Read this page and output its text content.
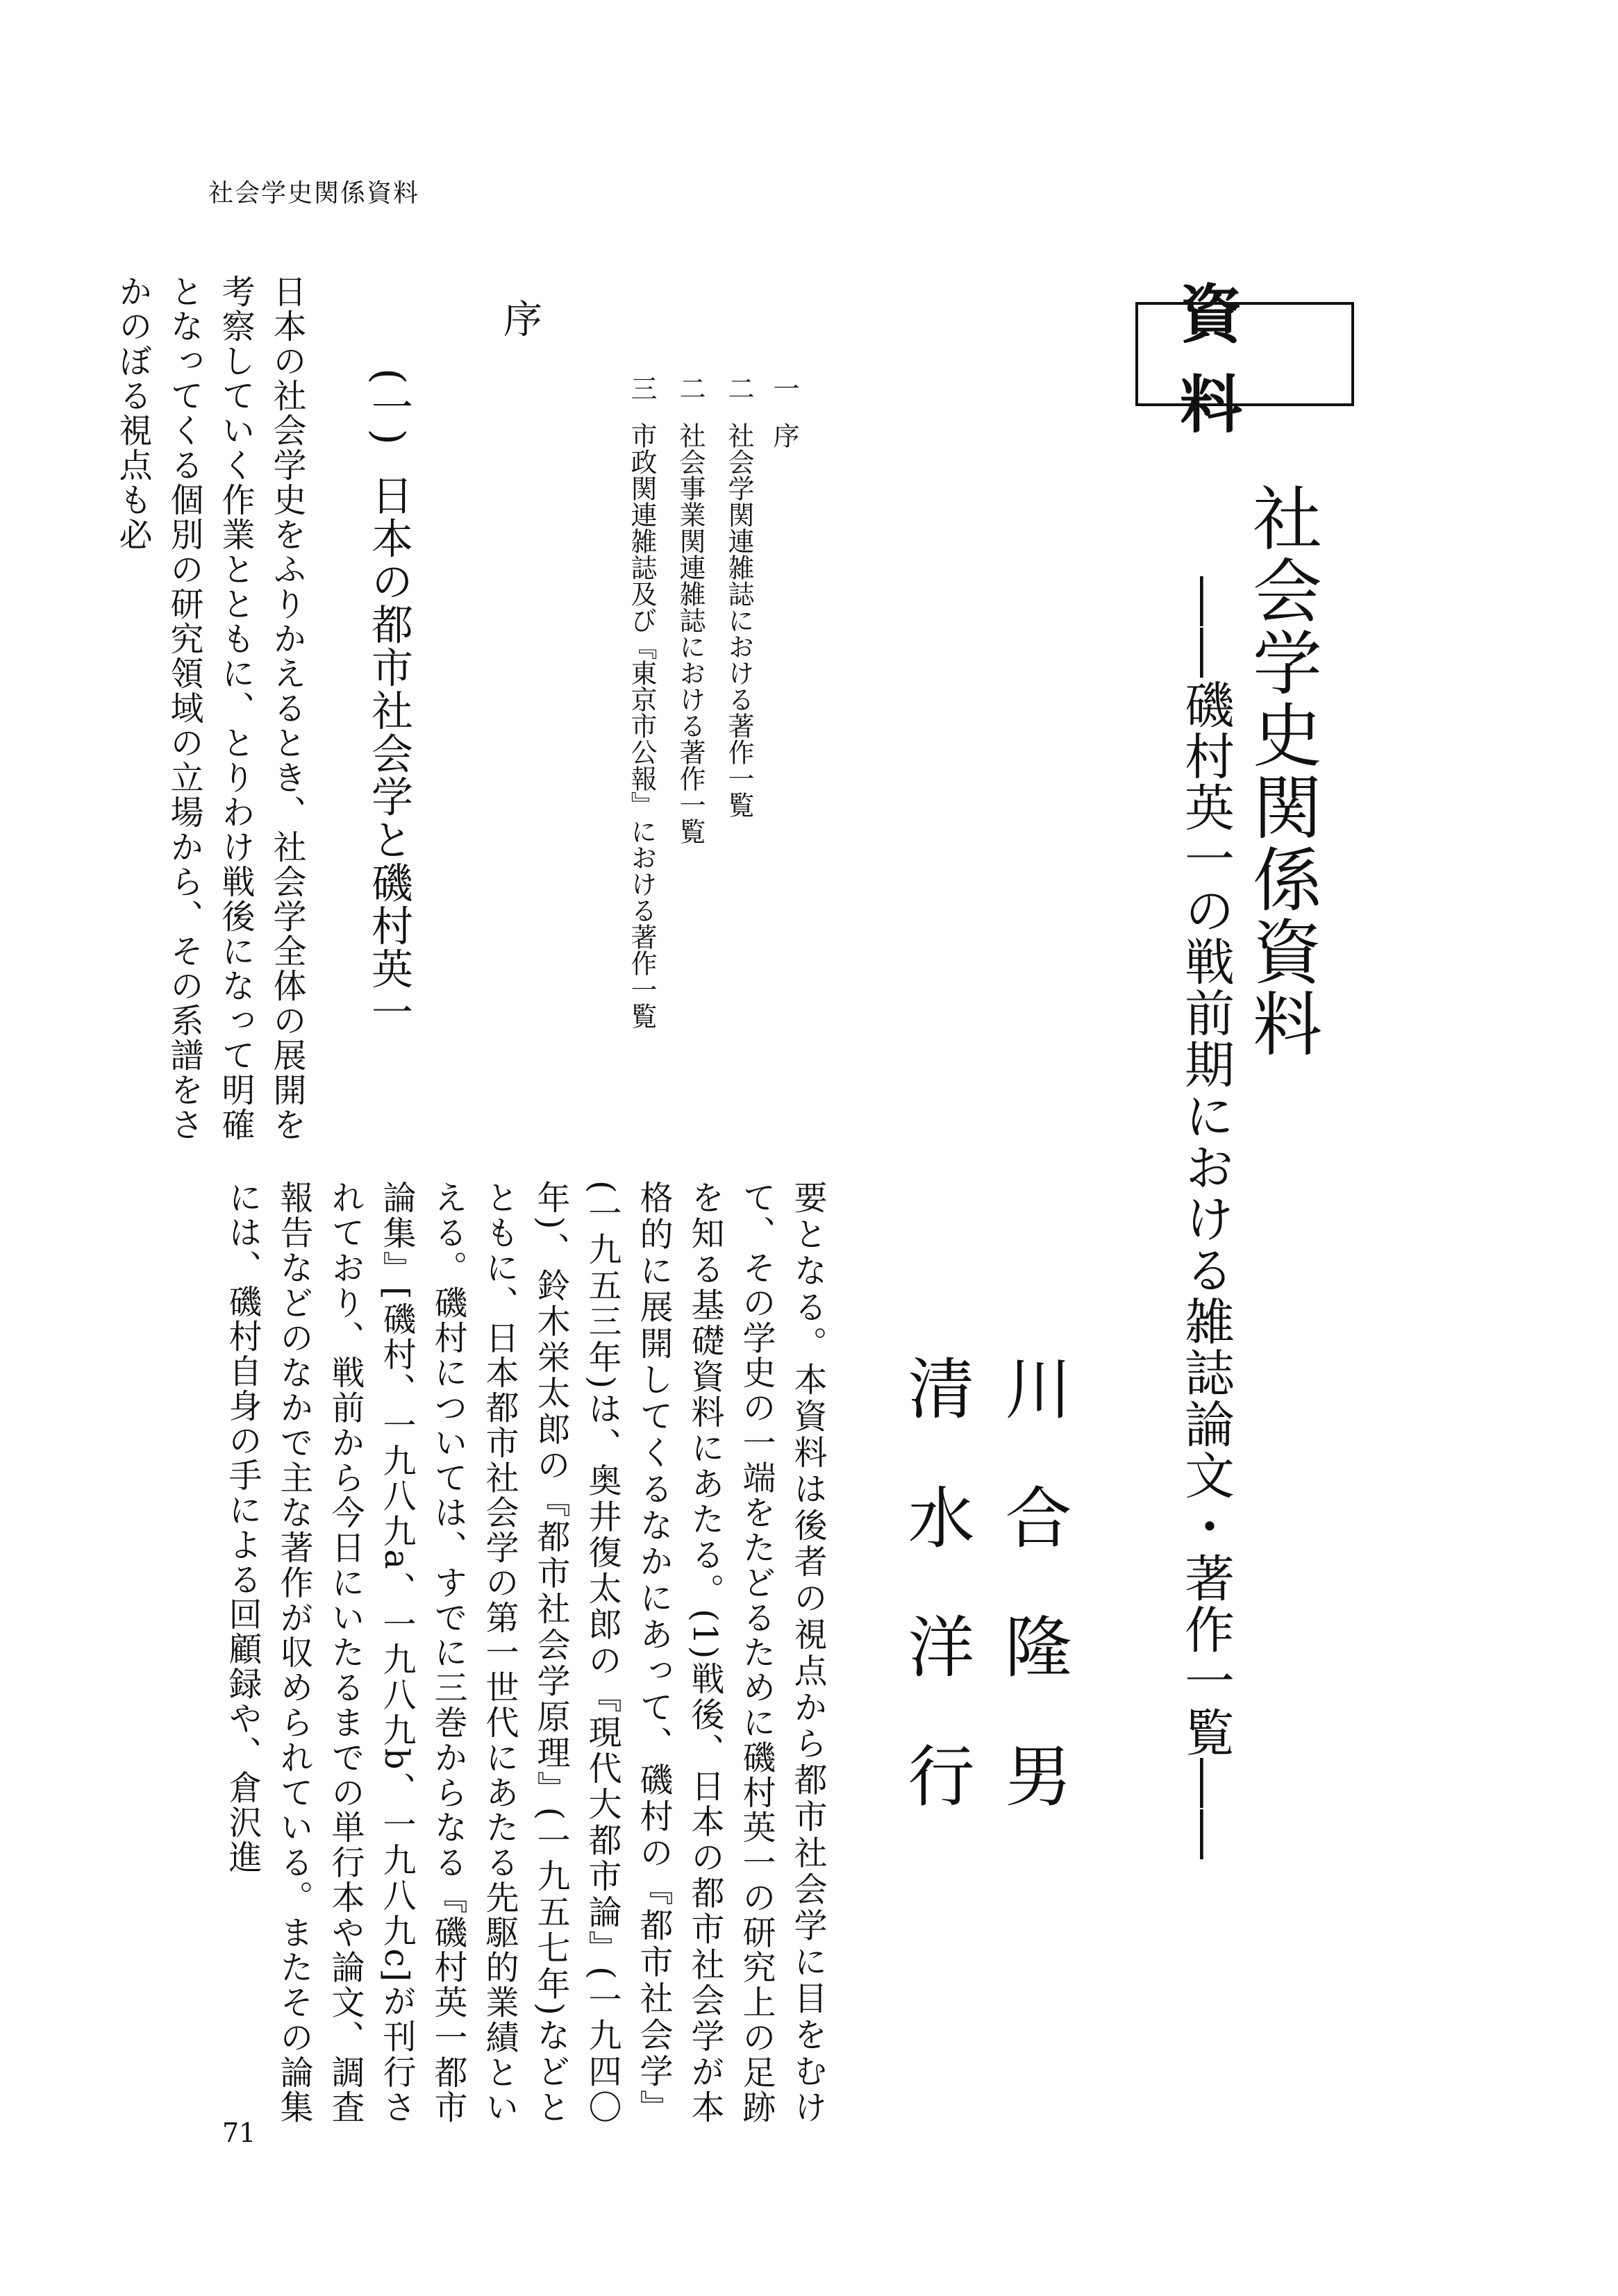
社会学史関係資料
資料
社会学史関係資料
――磯村英一の戦前期における雑誌論文・著作一覧――
川合隆男
清水洋行
一序
二社会学関連雑誌における著作一覧
二社会事業関連雑誌における著作一覧
三市政関連雑誌及び『東京市公報』における著作一覧
序
(一)日本の都市社会学と磯村英一
日本の社会学史をふりかえるとき、社会学全体の展開を考察していく作業とともに、とりわけ戦後になって明確となってくる個別の研究領域の立場から、その系譜をさかのぼる視点も必
要となる。本資料は後者の視点から都市社会学に目をむけて、その学史の一端をたどるために磯村英一の研究上の足跡を知る基礎資料にあたる。(1)戦後、日本の都市社会学が本格的に展開してくるなかにあって、磯村の『都市社会学』(一九五三年)は、奥井復太郎の『現代大都市論』(一九四〇年)、鈴木栄太郎の『都市社会学原理』(一九五七年)などとともに、日本都市社会学の第一世代にあたる先駆的業績といえる。磯村については、すでに三巻からなる『磯村英一都市論集』[磯村、一九八九a、一九八九b、一九八九c]が刊行されており、戦前から今日にいたるまでの単行本や論文、調査報告などのなかで主な著作が収められている。またその論集には、磯村自身の手による回顧録や、倉沢進
71
